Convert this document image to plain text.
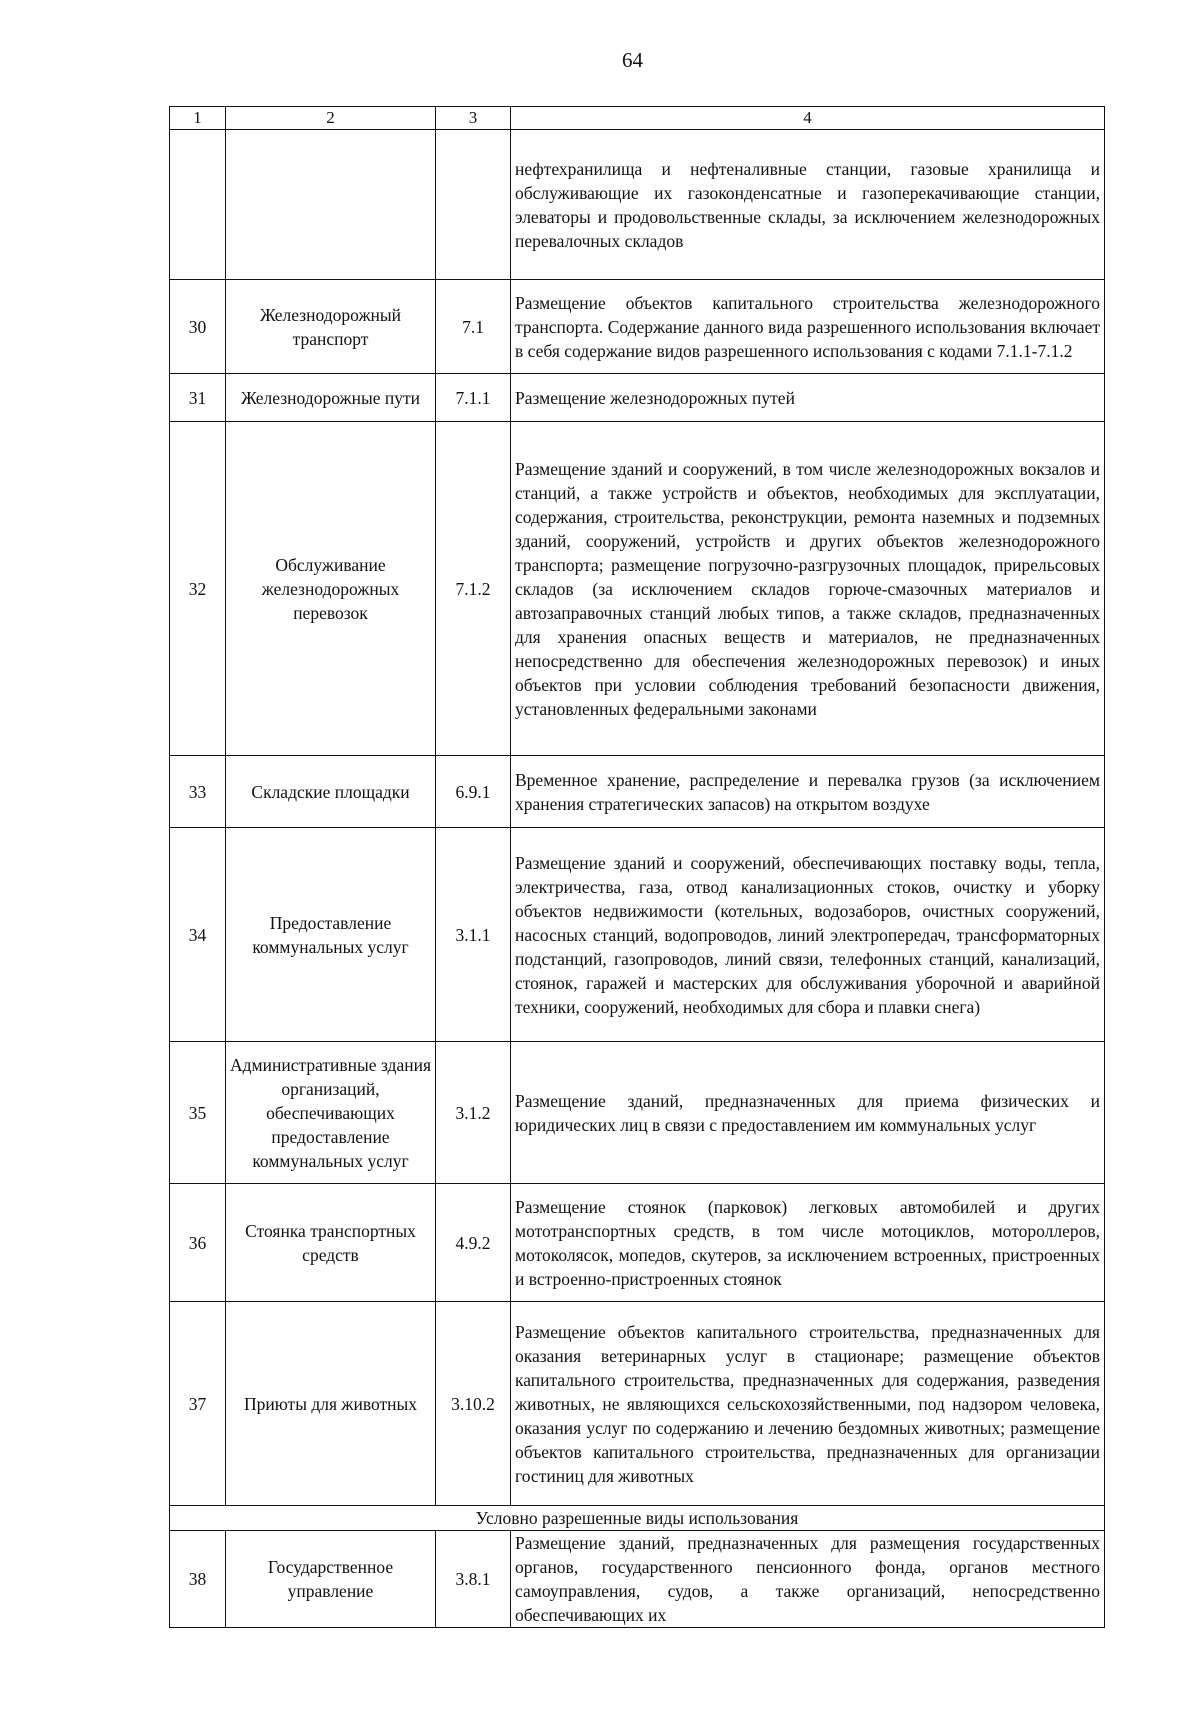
64
1	2	3	4
			нефтехранилища и нефтеналивные станции, газовые хранилища и обслуживающие их газоконденсатные и газоперекачивающие станции, элеваторы и продовольственные склады, за исключением железнодорожных перевалочных складов
30	Железнодорожный транспорт	7.1	Размещение объектов капитального строительства железнодорожного транспорта. Содержание данного вида разрешенного использования включает в себя содержание видов разрешенного использования с кодами 7.1.1-7.1.2
31	Железнодорожные пути	7.1.1	Размещение железнодорожных путей
32	Обслуживание железнодорожных перевозок	7.1.2	Размещение зданий и сооружений, в том числе железнодорожных вокзалов и станций, а также устройств и объектов, необходимых для эксплуатации, содержания, строительства, реконструкции, ремонта наземных и подземных зданий, сооружений, устройств и других объектов железнодорожного транспорта; размещение погрузочно-разгрузочных площадок, прирельсовых складов (за исключением складов горюче-смазочных материалов и автозаправочных станций любых типов, а также складов, предназначенных для хранения опасных веществ и материалов, не предназначенных непосредственно для обеспечения железнодорожных перевозок) и иных объектов при условии соблюдения требований безопасности движения, установленных федеральными законами
33	Складские площадки	6.9.1	Временное хранение, распределение и перевалка грузов (за исключением хранения стратегических запасов) на открытом воздухе
34	Предоставление коммунальных услуг	3.1.1	Размещение зданий и сооружений, обеспечивающих поставку воды, тепла, электричества, газа, отвод канализационных стоков, очистку и уборку объектов недвижимости (котельных, водозаборов, очистных сооружений, насосных станций, водопроводов, линий электропередач, трансформаторных подстанций, газопроводов, линий связи, телефонных станций, канализаций, стоянок, гаражей и мастерских для обслуживания уборочной и аварийной техники, сооружений, необходимых для сбора и плавки снега)
35	Административные здания организаций, обеспечивающих предоставление коммунальных услуг	3.1.2	Размещение зданий, предназначенных для приема физических и юридических лиц в связи с предоставлением им коммунальных услуг
36	Стоянка транспортных средств	4.9.2	Размещение стоянок (парковок) легковых автомобилей и других мототранспортных средств, в том числе мотоциклов, мотороллеров, мотоколясок, мопедов, скутеров, за исключением встроенных, пристроенных и встроенно-пристроенных стоянок
37	Приюты для животных	3.10.2	Размещение объектов капитального строительства, предназначенных для оказания ветеринарных услуг в стационаре; размещение объектов капитального строительства, предназначенных для содержания, разведения животных, не являющихся сельскохозяйственными, под надзором человека, оказания услуг по содержанию и лечению бездомных животных; размещение объектов капитального строительства, предназначенных для организации гостиниц для животных
Условно разрешенные виды использования			
38	Государственное управление	3.8.1	Размещение зданий, предназначенных для размещения государственных органов, государственного пенсионного фонда, органов местного самоуправления, судов, а также организаций, непосредственно обеспечивающих их
